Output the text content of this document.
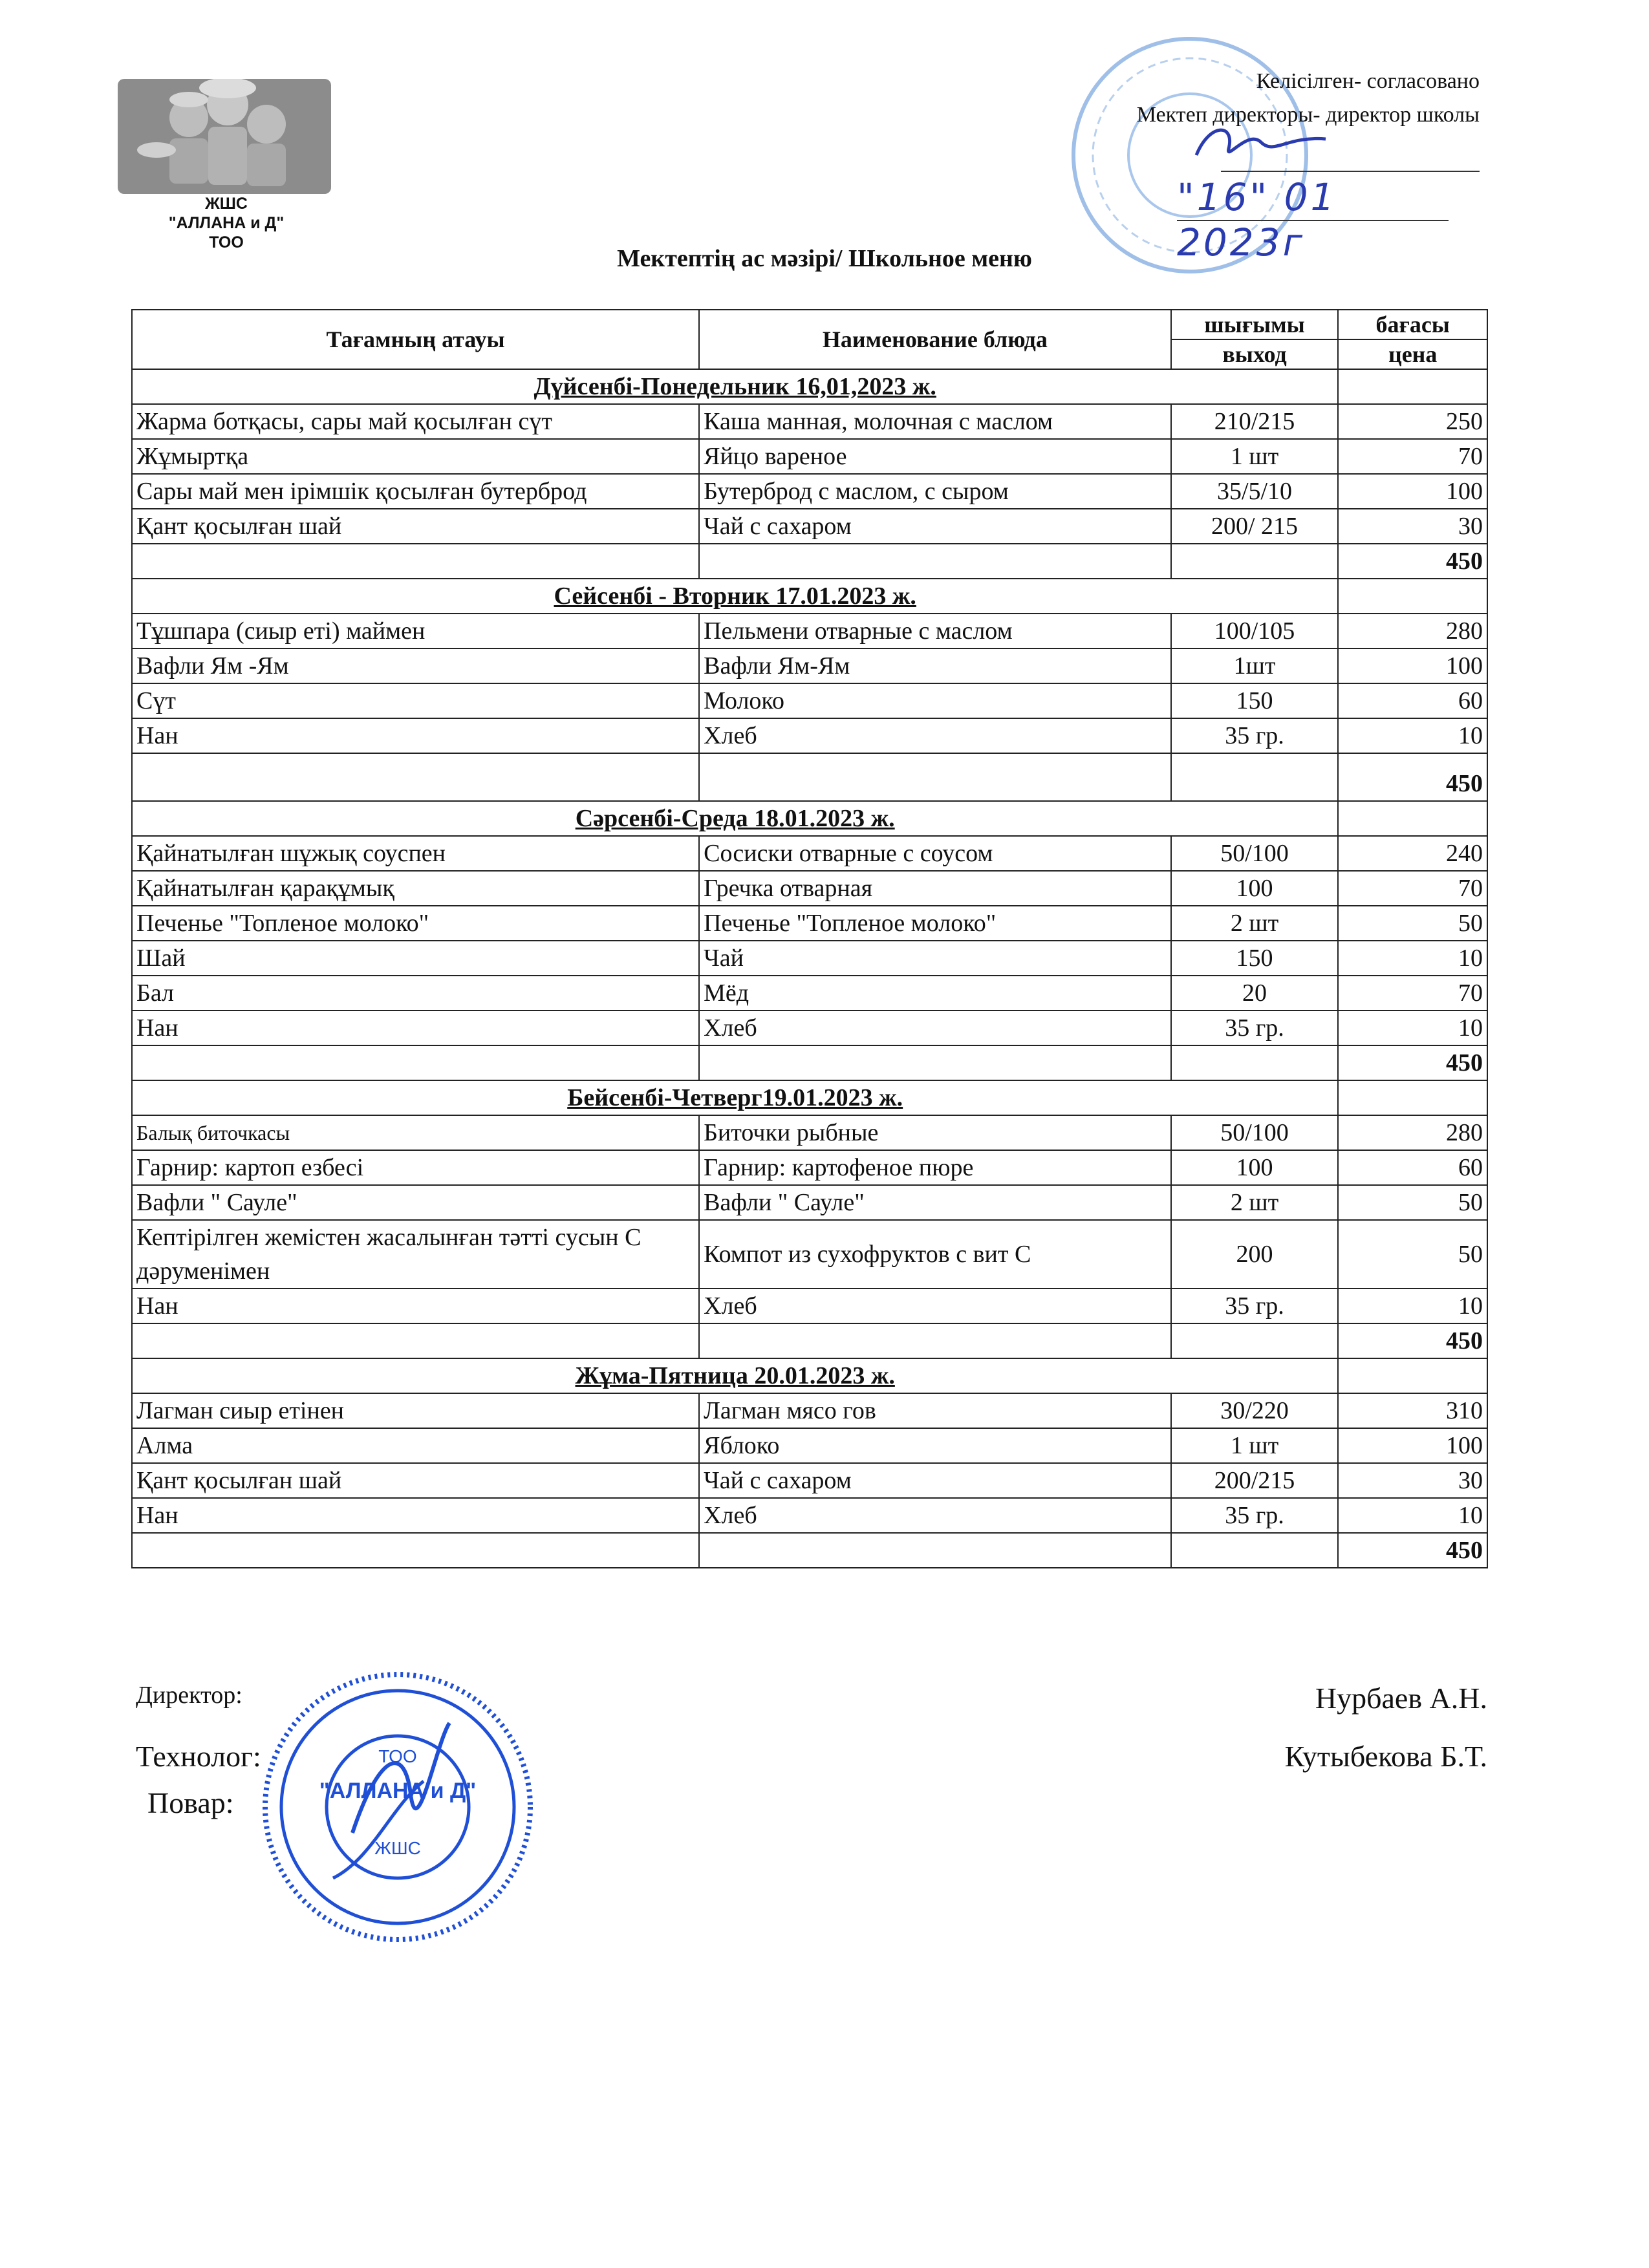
ЖШС
"АЛЛАНА и Д"
ТОО
Келісілген- согласовано
Мектеп директоры- директор школы
"16" 01 2023г
Мектептің ас мәзірі/ Школьное меню
Тағамның атауы	Наименование блюда	шығымы	бағасы
		выход	цена
Дүйсенбі-Понедельник 16,01,2023 ж.			
Жарма ботқасы, сары май қосылған сүт	Каша манная, молочная с маслом	210/215	250
Жұмыртқа	Яйцо вареное	1 шт	70
Сары май мен ірімшік қосылған бутерброд	Бутерброд с маслом, с сыром	35/5/10	100
Қант қосылған шай	Чай с сахаром	200/ 215	30
			450
Сейсенбі - Вторник 17.01.2023 ж.			
Тұшпара (сиыр еті) маймен	Пельмени отварные с маслом	100/105	280
Вафли Ям -Ям	Вафли Ям-Ям	1шт	100
Сүт	Молоко	150	60
Нан	Хлеб	35 гр.	10
			450
Сәрсенбі-Среда 18.01.2023 ж.			
Қайнатылған шұжық соуспен	Сосиски отварные с соусом	50/100	240
Қайнатылған қарақұмық	Гречка отварная	100	70
Печенье "Топленое молоко"	Печенье "Топленое молоко"	2 шт	50
Шай	Чай	150	10
Бал	Мёд	20	70
Нан	Хлеб	35 гр.	10
			450
Бейсенбі-Четверг19.01.2023 ж.			
Балық биточкасы	Биточки рыбные	50/100	280
Гарнир: картоп езбесі	Гарнир: картофеное пюре	100	60
Вафли " Сауле"	Вафли " Сауле"	2 шт	50
Кептірілген жемістен жасалынған тәтті сусын С дәруменімен	Компот из сухофруктов с вит С	200	50
Нан	Хлеб	35 гр.	10
			450
Жұма-Пятница 20.01.2023 ж.			
Лагман сиыр етінен	Лагман мясо гов	30/220	310
Алма	Яблоко	1 шт	100
Қант қосылған шай	Чай с сахаром	200/215	30
Нан	Хлеб	35 гр.	10
			450
Директор:
Технолог:
Повар:
Нурбаев А.Н.
Кутыбекова Б.Т.
"АЛЛАНА и Д"
ТОО
ЖШС
